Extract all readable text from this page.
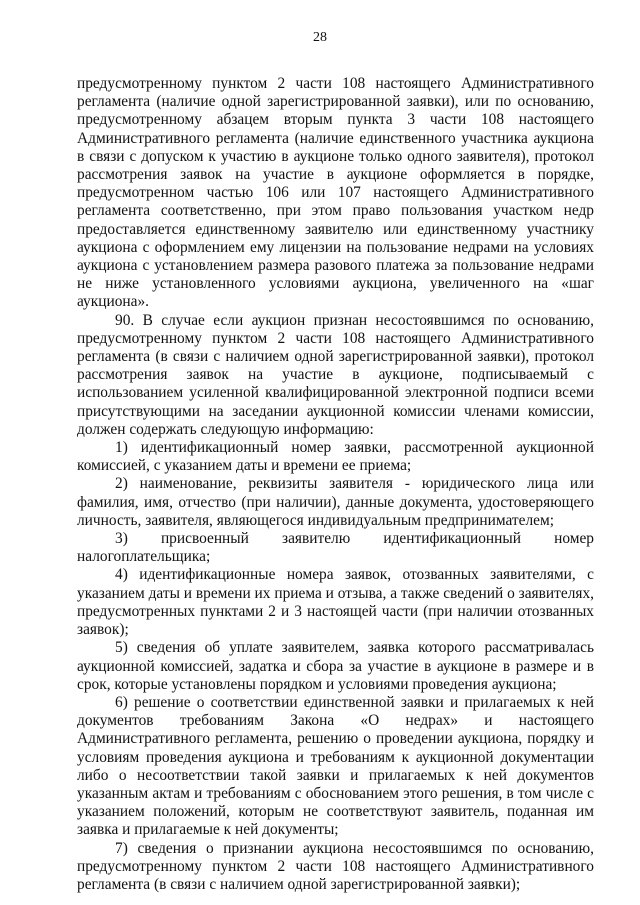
28

предусмотренному пунктом 2 части 108 настоящего Административного регламента (наличие одной зарегистрированной заявки), или по основанию, предусмотренному абзацем вторым пункта 3 части 108 настоящего Административного регламента (наличие единственного участника аукциона в связи с допуском к участию в аукционе только одного заявителя), протокол рассмотрения заявок на участие в аукционе оформляется в порядке, предусмотренном частью 106 или 107 настоящего Административного регламента соответственно, при этом право пользования участком недр предоставляется единственному заявителю или единственному участнику аукциона с оформлением ему лицензии на пользование недрами на условиях аукциона с установлением размера разового платежа за пользование недрами не ниже установленного условиями аукциона, увеличенного на «шаг аукциона».

90. В случае если аукцион признан несостоявшимся по основанию, предусмотренному пунктом 2 части 108 настоящего Административного регламента (в связи с наличием одной зарегистрированной заявки), протокол рассмотрения заявок на участие в аукционе, подписываемый с использованием усиленной квалифицированной электронной подписи всеми присутствующими на заседании аукционной комиссии членами комиссии, должен содержать следующую информацию:

1) идентификационный номер заявки, рассмотренной аукционной комиссией, с указанием даты и времени ее приема;

2) наименование, реквизиты заявителя - юридического лица или фамилия, имя, отчество (при наличии), данные документа, удостоверяющего личность, заявителя, являющегося индивидуальным предпринимателем;

3) присвоенный заявителю идентификационный номер

налогоплательщика;

4) идентификационные номера заявок, отозванных заявителями, с указанием даты и времени их приема и отзыва, а также сведений о заявителях, предусмотренных пунктами 2 и 3 настоящей части (при наличии отозванных заявок);

5) сведения об уплате заявителем, заявка которого рассматривалась аукционной комиссией, задатка и сбора за участие в аукционе в размере и в срок, которые установлены порядком и условиями проведения аукциона;

6) решение о соответствии единственной заявки и прилагаемых к ней документов требованиям Закона «О недрах» и настоящего Административного регламента, решению о проведении аукциона, порядку и условиям проведения аукциона и требованиям к аукционной документации либо о несоответствии такой заявки и прилагаемых к ней документов указанным актам и требованиям с обоснованием этого решения, в том числе с указанием положений, которым не соответствуют заявитель, поданная им заявка и прилагаемые к ней документы;

7) сведения о признании аукциона несостоявшимся по основанию, предусмотренному пунктом 2 части 108 настоящего Административного регламента (в связи с наличием одной зарегистрированной заявки);
